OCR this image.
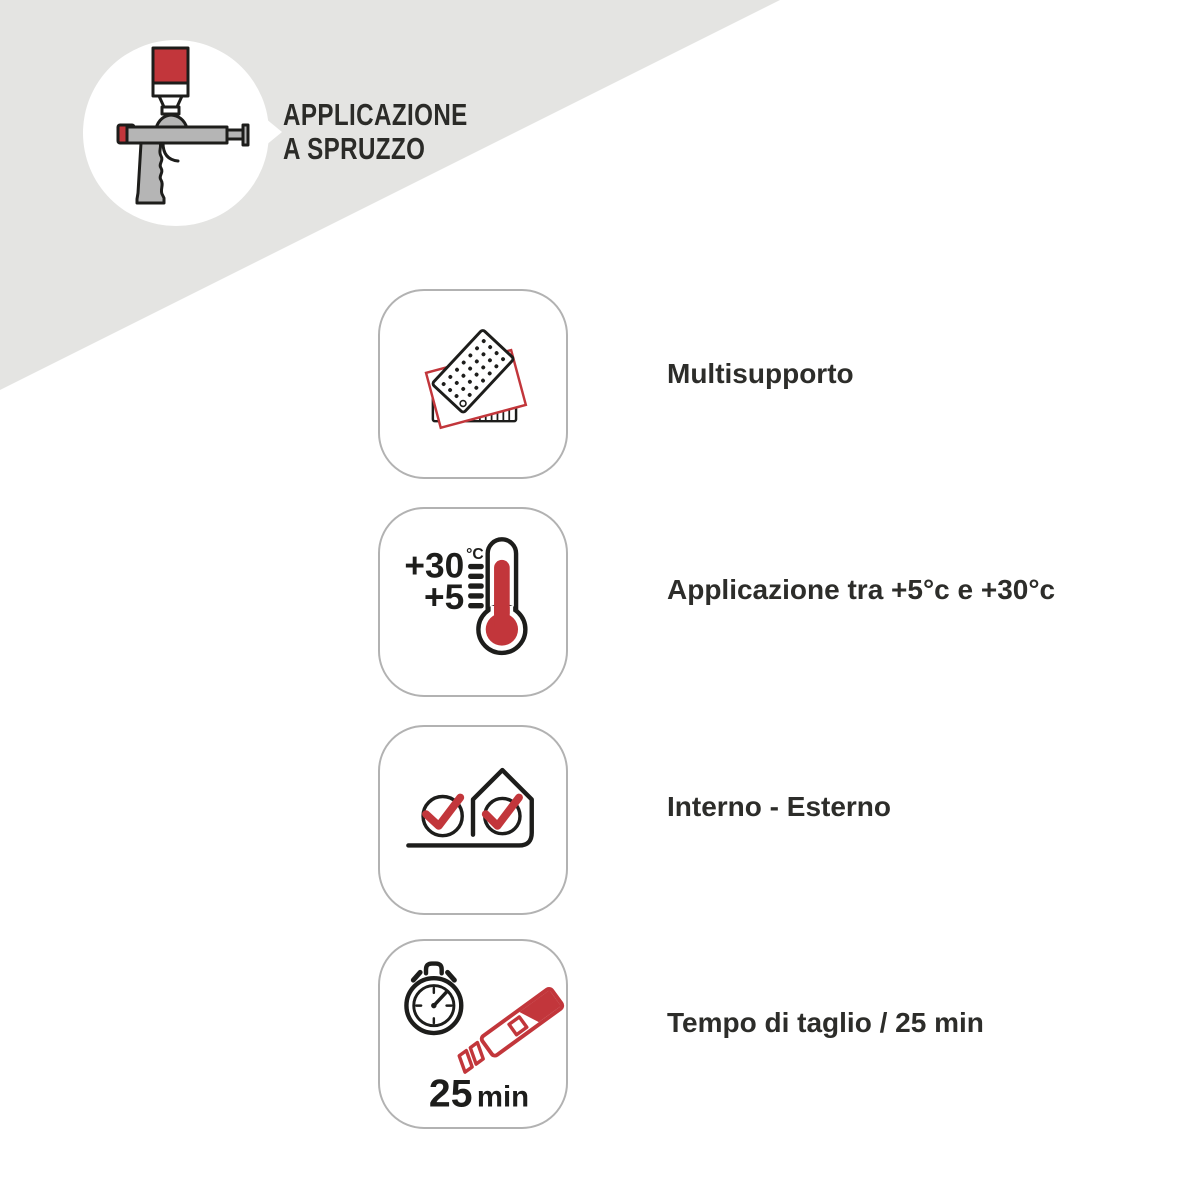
APPLICAZIONE
A SPRUZZO
Multisupporto
+30 °C
+5	Applicazione tra +5°c e +30°c
Interno - Esterno
25 min
Tempo di taglio / 25 min
